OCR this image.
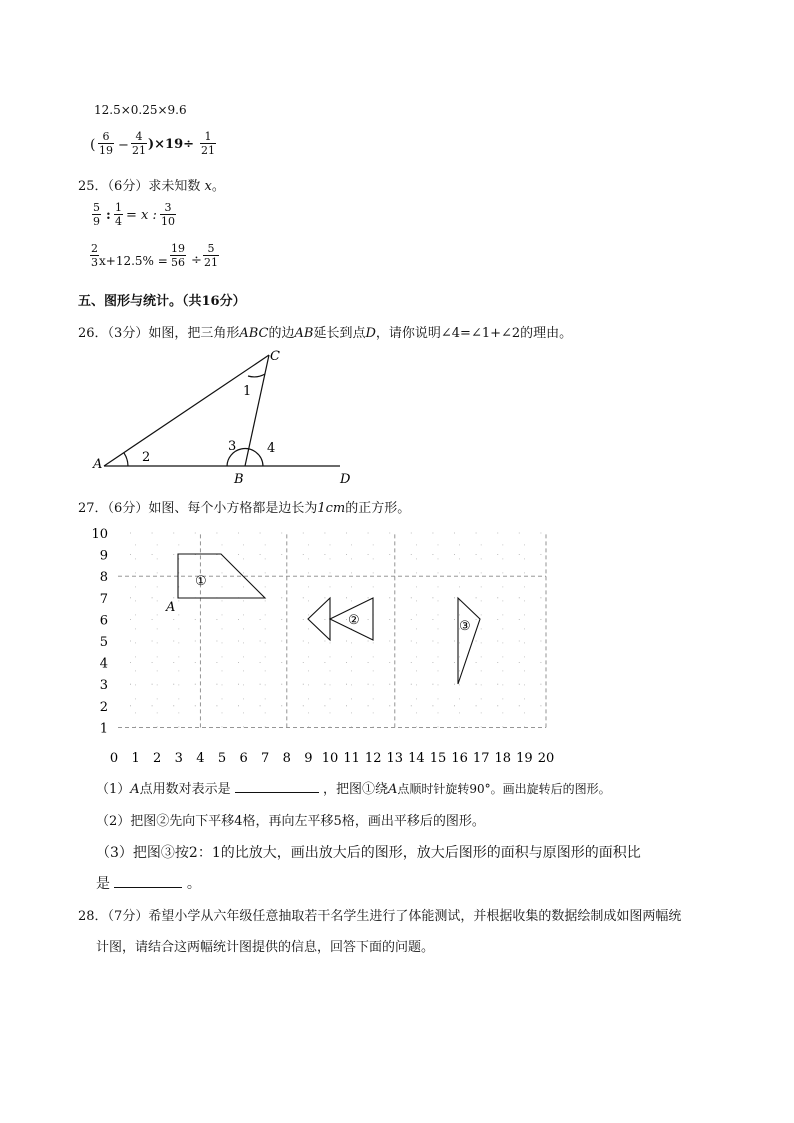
12.5×0.25×9.6
( $\frac{6}{19} - \frac{4}{21} )\times 19\div \frac{1}{21}$
25．（6分）求未知数 x。
$\frac{5}{9}$ : $\frac{1}{4} = x$ : $\frac{3}{10}$
$\frac{2}{3} x+12.5\% = \frac{19}{56} \div \frac{5}{21}$
五、图形与统计。（共16分）
26．（3分）如图，把三角形ABC的边AB延长到点D，请你说明∠4=∠1+∠2的理由。
A
B
C
D
1
2
3 4
27．（6分）如图、每个小方格都是边长为1cm的正方形。
0 1 2 3 4 5 6 7 8 9 10 11 12 13 14 15 16 17 18 19 20
1
2
3
4
5
6
7
8
9
10
①
②	③
A
（1）A点用数对表示是	，把图①绕A点顺时针旋转90°。画出旋转后的图形。
（2）把图②先向下平移4格，再向左平移5格，画出平移后的图形。
（3）把图③按2：1的比放大，画出放大后的图形，放大后图形的面积与原图形的面积比
是	。
28．（7分）希望小学从六年级任意抽取若干名学生进行了体能测试，并根据收集的数据绘制成如图两幅统
计图，请结合这两幅统计图提供的信息，回答下面的问题。
